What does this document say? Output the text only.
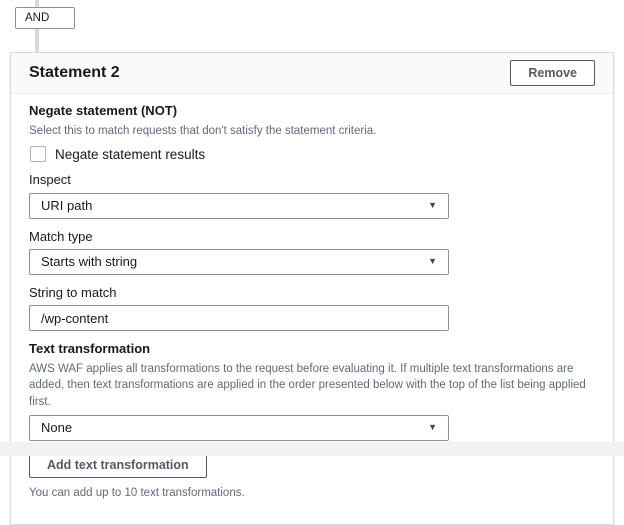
AND
Statement 2	Remove
Negate statement (NOT)
Select this to match requests that don't satisfy the statement criteria.
Negate statement results
Inspect
URI path	▼
Match type
Starts with string	▼
String to match
/wp-content
Text transformation
AWS WAF applies all transformations to the request before evaluating it. If multiple text transformations are added, then text transformations are applied in the order presented below with the top of the list being applied first.
None	▼
Add text transformation
You can add up to 10 text transformations.
